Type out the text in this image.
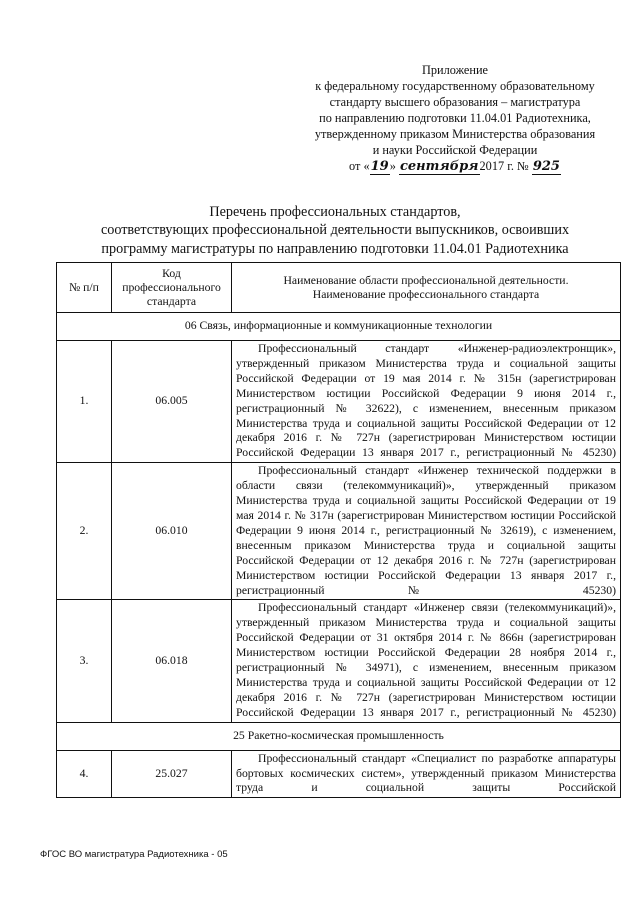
Приложение
к федеральному государственному образовательному
стандарту высшего образования – магистратура
по направлению подготовки 11.04.01 Радиотехника,
утвержденному приказом Министерства образования
и науки Российской Федерации
от «19» сентября2017 г. № 925
Перечень профессиональных стандартов,
соответствующих профессиональной деятельности выпускников, освоивших
программу магистратуры по направлению подготовки 11.04.01 Радиотехника
№ п/п	Код профессионального стандарта	Наименование области профессиональной деятельности.
Наименование профессионального стандарта

06 Связь, информационные и коммуникационные технологии		
1.	06.005	Профессиональный стандарт «Инженер-радиоэлектронщик», утвержденный приказом Министерства труда и социальной защиты Российской Федерации от 19 мая 2014 г. № 315н (зарегистрирован Министерством юстиции Российской Федерации 9 июня 2014 г., регистрационный № 32622), с изменением, внесенным приказом Министерства труда и социальной защиты Российской Федерации от 12 декабря 2016 г. № 727н (зарегистрирован Министерством юстиции Российской Федерации 13 января 2017 г., регистрационный № 45230)

2.	06.010	Профессиональный стандарт «Инженер технической поддержки в области связи (телекоммуникаций)», утвержденный приказом Министерства труда и социальной защиты Российской Федерации от 19 мая 2014 г. № 317н (зарегистрирован Министерством юстиции Российской Федерации 9 июня 2014 г., регистрационный № 32619), с изменением, внесенным приказом Министерства труда и социальной защиты Российской Федерации от 12 декабря 2016 г. № 727н (зарегистрирован Министерством юстиции Российской Федерации 13 января 2017 г., регистрационный № 45230)

3.	06.018	Профессиональный стандарт «Инженер связи (телекоммуникаций)», утвержденный приказом Министерства труда и социальной защиты Российской Федерации от 31 октября 2014 г. № 866н (зарегистрирован Министерством юстиции Российской Федерации 28 ноября 2014 г., регистрационный № 34971), с изменением, внесенным приказом Министерства труда и социальной защиты Российской Федерации от 12 декабря 2016 г. № 727н (зарегистрирован Министерством юстиции Российской Федерации 13 января 2017 г., регистрационный № 45230)

25 Ракетно-космическая промышленность		
4.	25.027	Профессиональный стандарт «Специалист по разработке аппаратуры бортовых космических систем», утвержденный приказом Министерства труда и социальной защиты Российской

ФГОС ВО магистратура Радиотехника - 05
